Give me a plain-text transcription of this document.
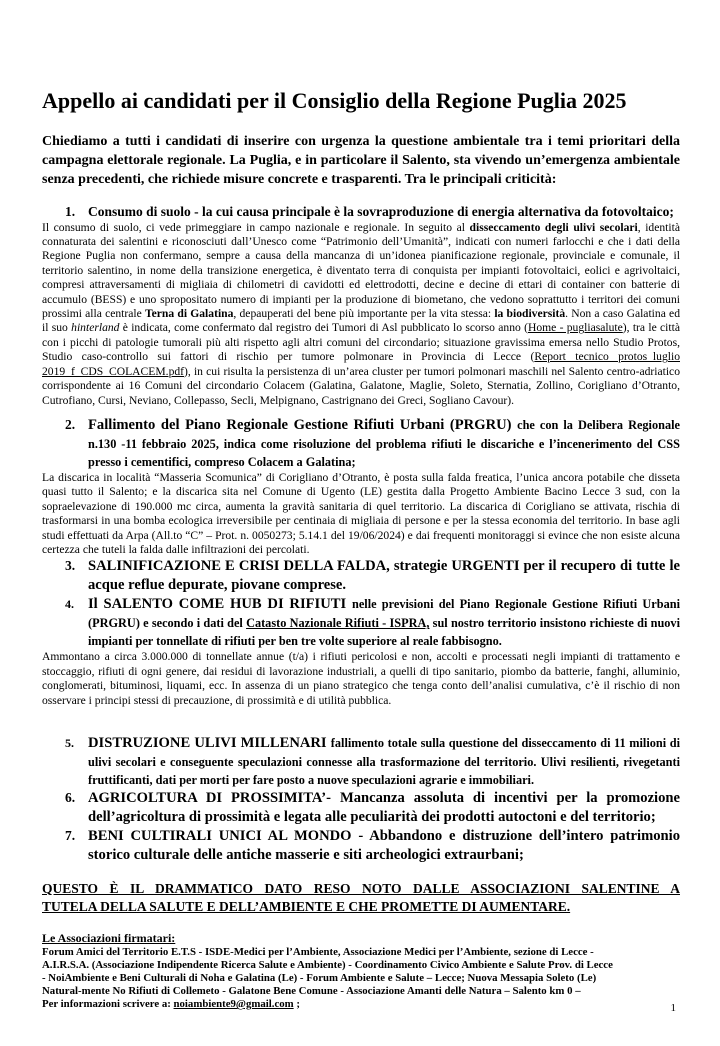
Appello ai candidati per il Consiglio della Regione Puglia 2025

Chiediamo a tutti i candidati di inserire con urgenza la questione ambientale tra i temi prioritari della campagna elettorale regionale. La Puglia, e in particolare il Salento, sta vivendo un’emergenza ambientale senza precedenti, che richiede misure concrete e trasparenti. Tra le principali criticità:

1. Consumo di suolo - la cui causa principale è la sovraproduzione di energia alternativa da fotovoltaico;
Il consumo di suolo, ci vede primeggiare in campo nazionale e regionale. In seguito al disseccamento degli ulivi secolari, identità connaturata dei salentini e riconosciuti dall’Unesco come “Patrimonio dell’Umanità”, indicati con numeri farlocchi e che i dati della Regione Puglia non confermano, sempre a causa della mancanza di un’idonea pianificazione regionale, provinciale e comunale, il territorio salentino, in nome della transizione energetica, è diventato terra di conquista per impianti fotovoltaici, eolici e agrivoltaici, compresi attraversamenti di migliaia di chilometri di cavidotti ed elettrodotti, decine e decine di ettari di container con batterie di accumulo (BESS) e uno spropositato numero di impianti per la produzione di biometano, che vedono soprattutto i territori dei comuni prossimi alla centrale Terna di Galatina, depauperati del bene più importante per la vita stessa: la biodiversità. Non a caso Galatina ed il suo hinterland è indicata, come confermato dal registro dei Tumori di Asl pubblicato lo scorso anno (Home - pugliasalute), tra le città con i picchi di patologie tumorali più alti rispetto agli altri comuni del circondario; situazione gravissima emersa nello Studio Protos, Studio caso-controllo sui fattori di rischio per tumore polmonare in Provincia di Lecce (Report tecnico protos_luglio 2019_f_CDS_COLACEM.pdf), in cui risulta la persistenza di un’area cluster per tumori polmonari maschili nel Salento centro-adriatico corrispondente ai 16 Comuni del circondario Colacem (Galatina, Galatone, Maglie, Soleto, Sternatia, Zollino, Corigliano d’Otranto, Cutrofiano, Cursi, Neviano, Collepasso, Secli, Melpignano, Castrignano dei Greci, Sogliano Cavour).
2. Fallimento del Piano Regionale Gestione Rifiuti Urbani (PRGRU) che con la Delibera Regionale n.130 -11 febbraio 2025, indica come risoluzione del problema rifiuti le discariche e l’incenerimento del CSS presso i cementifici, compreso Colacem a Galatina;
La discarica in località “Masseria Scomunica” di Corigliano d’Otranto, è posta sulla falda freatica, l’unica ancora potabile che disseta quasi tutto il Salento; e la discarica sita nel Comune di Ugento (LE) gestita dalla Progetto Ambiente Bacino Lecce 3 sud, con la sopraelevazione di 190.000 mc circa, aumenta la gravità sanitaria di quel territorio. La discarica di Corigliano se attivata, rischia di trasformarsi in una bomba ecologica irreversibile per centinaia di migliaia di persone e per la stessa economia del territorio. In base agli studi effettuati da Arpa (All.to “C” – Prot. n. 0050273; 5.14.1 del 19/06/2024) e dai frequenti monitoraggi si evince che non esiste alcuna certezza che tuteli la falda dalle infiltrazioni dei percolati.
3. SALINIFICAZIONE E CRISI DELLA FALDA, strategie URGENTI per il recupero di tutte le acque reflue depurate, piovane comprese.
4. Il SALENTO COME HUB DI RIFIUTI nelle previsioni del Piano Regionale Gestione Rifiuti Urbani (PRGRU) e secondo i dati del Catasto Nazionale Rifiuti - ISPRA, sul nostro territorio insistono richieste di nuovi impianti per tonnellate di rifiuti per ben tre volte superiore al reale fabbisogno.
Ammontano a circa 3.000.000 di tonnellate annue (t/a) i rifiuti pericolosi e non, accolti e processati negli impianti di trattamento e stoccaggio, rifiuti di ogni genere, dai residui di lavorazione industriali, a quelli di tipo sanitario, piombo da batterie, fanghi, alluminio, conglomerati, bituminosi, liquami, ecc. In assenza di un piano strategico che tenga conto dell’analisi cumulativa, c’è il rischio di non osservare i principi stessi di precauzione, di prossimità e di utilità pubblica.
5. DISTRUZIONE ULIVI MILLENARI fallimento totale sulla questione del disseccamento di 11 milioni di ulivi secolari e conseguente speculazioni connesse alla trasformazione del territorio. Ulivi resilienti, rivegetanti fruttificanti, dati per morti per fare posto a nuove speculazioni agrarie e immobiliari.
6. AGRICOLTURA DI PROSSIMITA’- Mancanza assoluta di incentivi per la promozione dell’agricoltura di prossimità e legata alle peculiarità dei prodotti autoctoni e del territorio;
7. BENI CULTIRALI UNICI AL MONDO - Abbandono e distruzione dell’intero patrimonio storico culturale delle antiche masserie e siti archeologici extraurbani;
QUESTO È IL DRAMMATICO DATO RESO NOTO DALLE ASSOCIAZIONI SALENTINE A
TUTELA DELLA SALUTE E DELL’AMBIENTE E CHE PROMETTE DI AUMENTARE.
Le Associazioni firmatari:
Forum Amici del Territorio E.T.S - ISDE-Medici per l’Ambiente, Associazione Medici per l’Ambiente, sezione di Lecce -
A.I.R.S.A. (Associazione Indipendente Ricerca Salute e Ambiente) - Coordinamento Civico Ambiente e Salute Prov. di Lecce
- NoiAmbiente e Beni Culturali di Noha e Galatina (Le) - Forum Ambiente e Salute – Lecce; Nuova Messapia Soleto (Le)
Natural-mente No Rifiuti di Collemeto - Galatone Bene Comune - Associazione Amanti delle Natura – Salento km 0 –
Per informazioni scrivere a: noiambiente9@gmail.com ;	1
